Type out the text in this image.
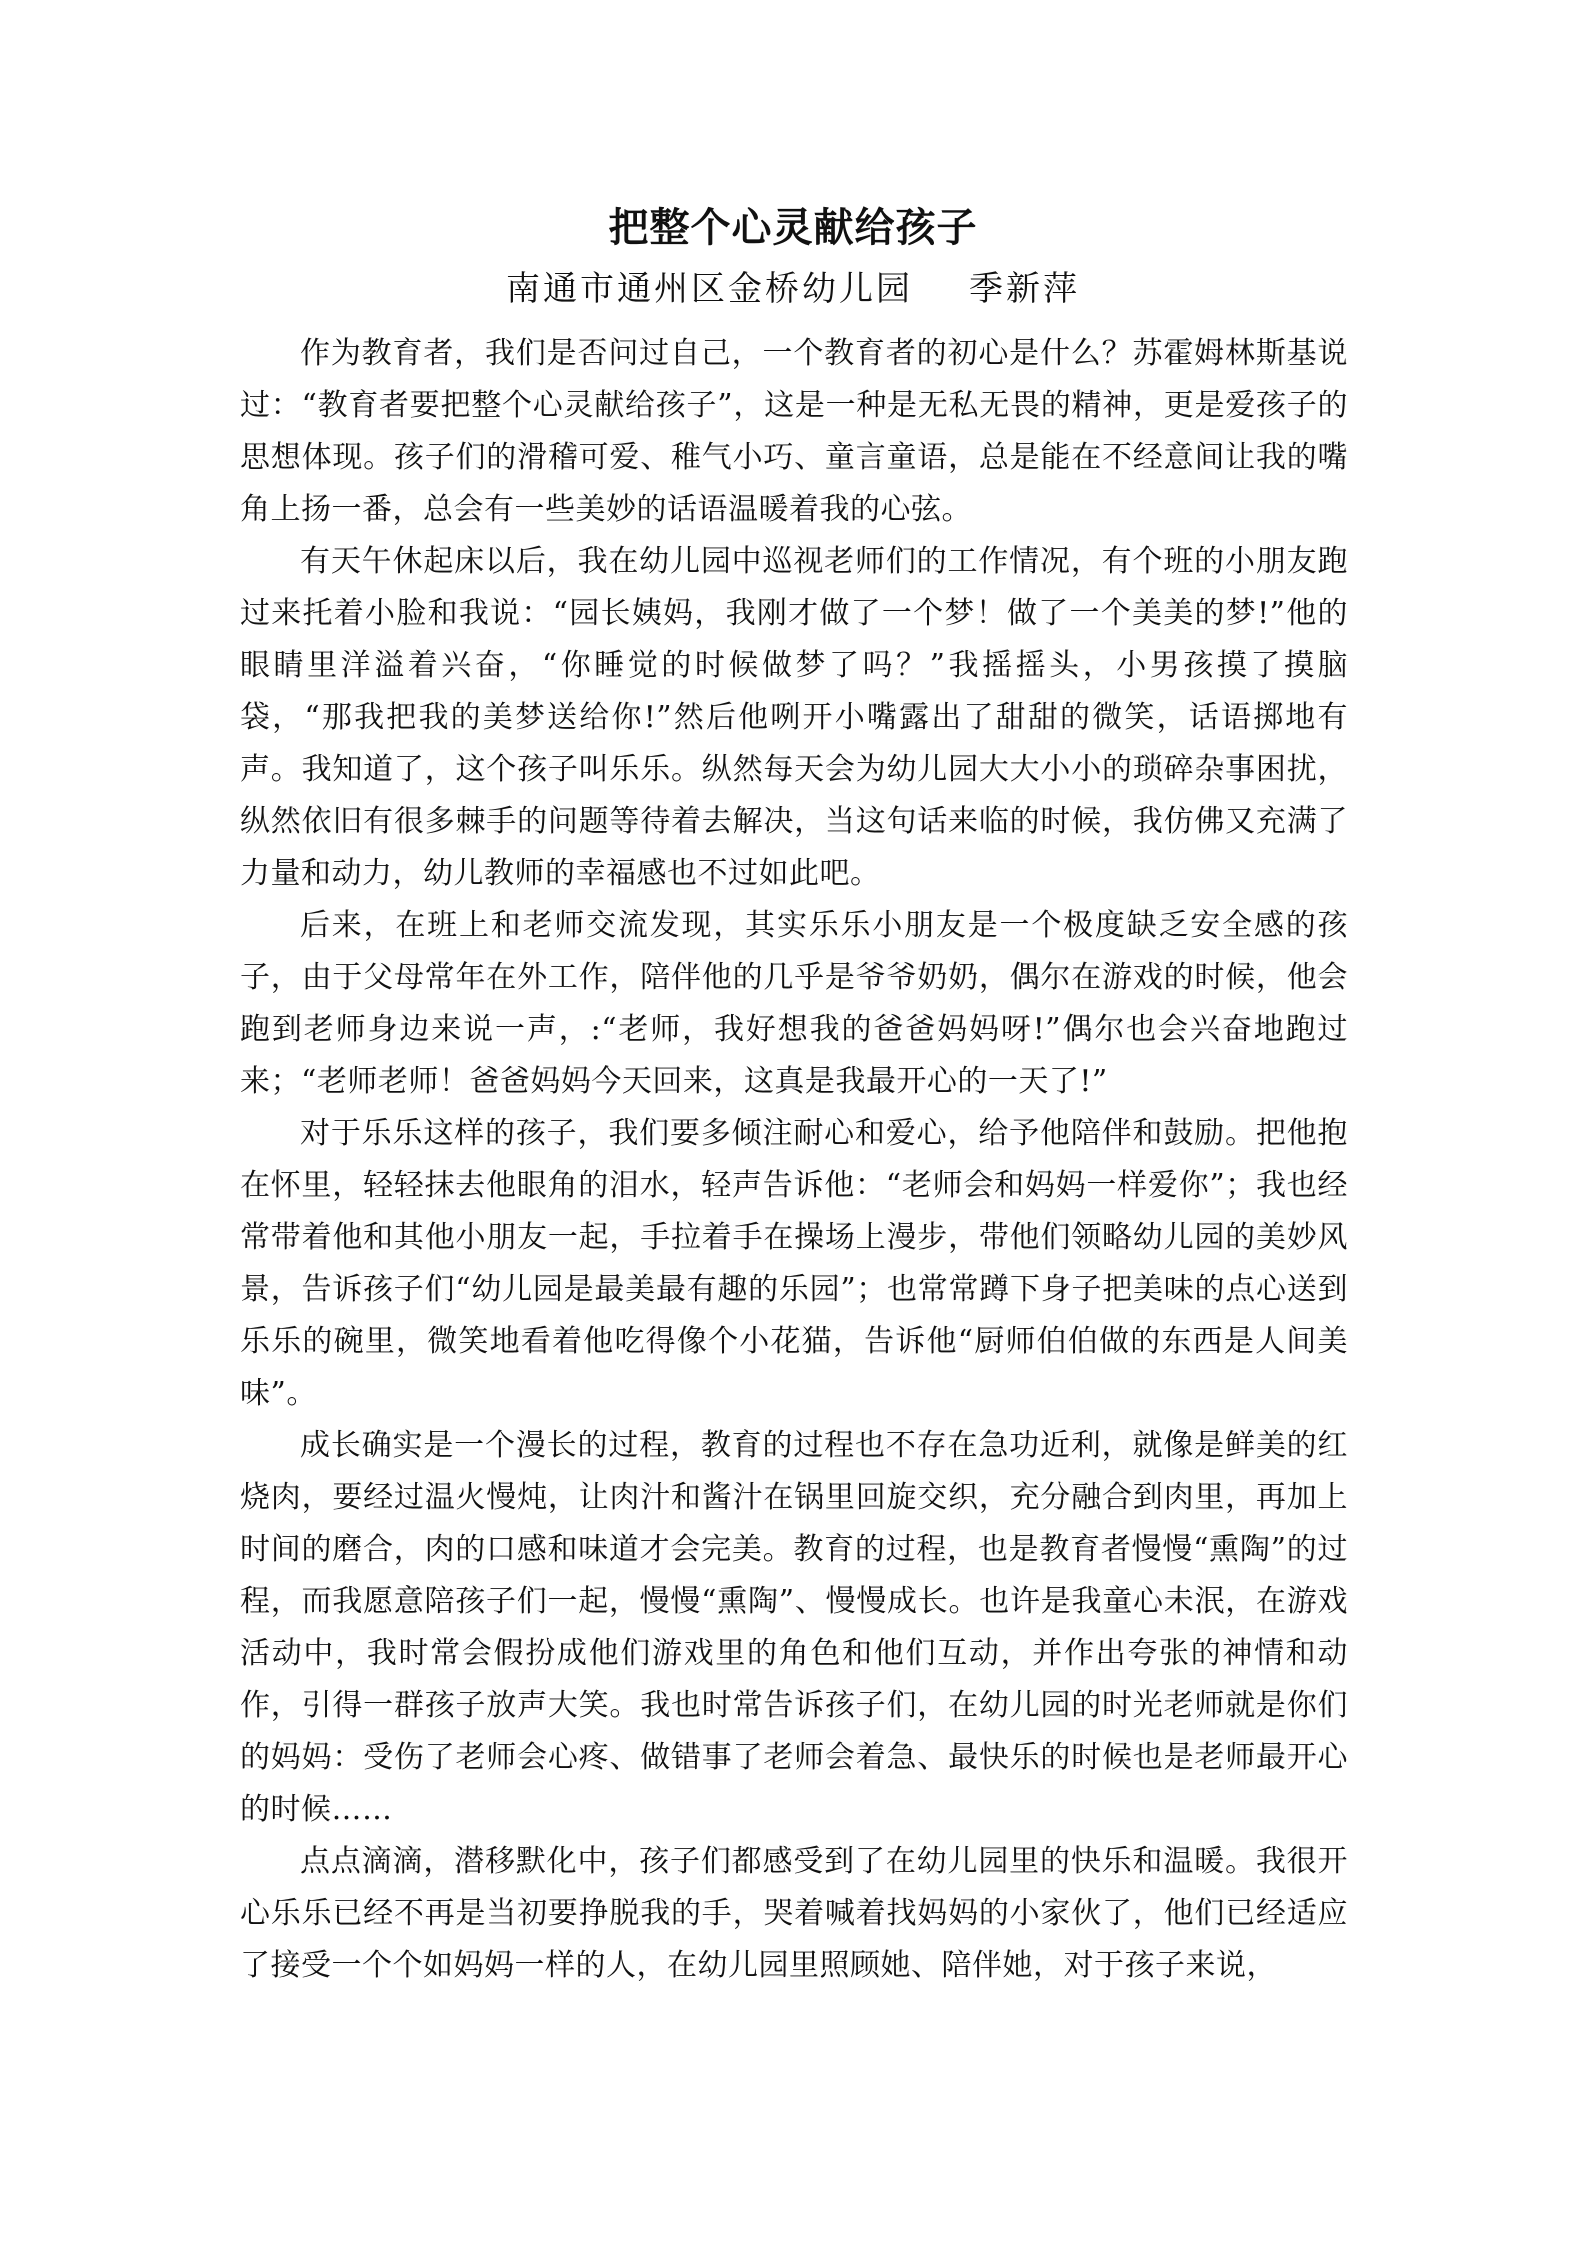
把整个心灵献给孩子
南通市通州区金桥幼儿园 季新萍

作为教育者，我们是否问过自己，一个教育者的初心是什么？苏霍姆林斯基说过：“教育者要把整个心灵献给孩子”，这是一种是无私无畏的精神，更是爱孩子的思想体现。孩子们的滑稽可爱、稚气小巧、童言童语，总是能在不经意间让我的嘴角上扬一番，总会有一些美妙的话语温暖着我的心弦。

有天午休起床以后，我在幼儿园中巡视老师们的工作情况，有个班的小朋友跑过来托着小脸和我说：“园长姨妈，我刚才做了一个梦！做了一个美美的梦!”他的眼睛里洋溢着兴奋，“你睡觉的时候做梦了吗？”我摇摇头，小男孩摸了摸脑袋，“那我把我的美梦送给你!”然后他咧开小嘴露出了甜甜的微笑，话语掷地有声。我知道了，这个孩子叫乐乐。纵然每天会为幼儿园大大小小的琐碎杂事困扰，纵然依旧有很多棘手的问题等待着去解决，当这句话来临的时候，我仿佛又充满了力量和动力，幼儿教师的幸福感也不过如此吧。

后来，在班上和老师交流发现，其实乐乐小朋友是一个极度缺乏安全感的孩子，由于父母常年在外工作，陪伴他的几乎是爷爷奶奶，偶尔在游戏的时候，他会跑到老师身边来说一声，:“老师，我好想我的爸爸妈妈呀!”偶尔也会兴奋地跑过来；“老师老师！爸爸妈妈今天回来，这真是我最开心的一天了!”

对于乐乐这样的孩子，我们要多倾注耐心和爱心，给予他陪伴和鼓励。把他抱在怀里，轻轻抹去他眼角的泪水，轻声告诉他：“老师会和妈妈一样爱你”；我也经常带着他和其他小朋友一起，手拉着手在操场上漫步，带他们领略幼儿园的美妙风景，告诉孩子们“幼儿园是最美最有趣的乐园”；也常常蹲下身子把美味的点心送到乐乐的碗里，微笑地看着他吃得像个小花猫，告诉他“厨师伯伯做的东西是人间美味”。

成长确实是一个漫长的过程，教育的过程也不存在急功近利，就像是鲜美的红烧肉，要经过温火慢炖，让肉汁和酱汁在锅里回旋交织，充分融合到肉里，再加上时间的磨合，肉的口感和味道才会完美。教育的过程，也是教育者慢慢“熏陶”的过程，而我愿意陪孩子们一起，慢慢“熏陶”、慢慢成长。也许是我童心未泯，在游戏活动中，我时常会假扮成他们游戏里的角色和他们互动，并作出夸张的神情和动作，引得一群孩子放声大笑。我也时常告诉孩子们，在幼儿园的时光老师就是你们的妈妈：受伤了老师会心疼、做错事了老师会着急、最快乐的时候也是老师最开心的时候……

点点滴滴，潜移默化中，孩子们都感受到了在幼儿园里的快乐和温暖。我很开心乐乐已经不再是当初要挣脱我的手，哭着喊着找妈妈的小家伙了，他们已经适应了接受一个个如妈妈一样的人，在幼儿园里照顾她、陪伴她，对于孩子来说，
